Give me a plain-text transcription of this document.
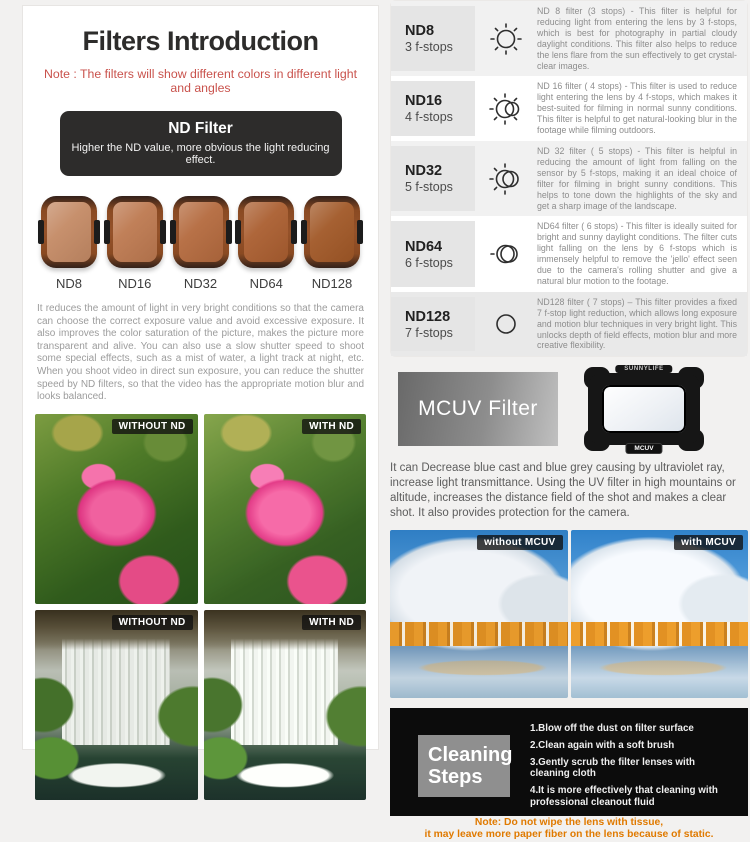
Filters Introduction

Note : The filters will show different colors in different light and angles

ND Filter
Higher the ND value, more obvious the light reducing effect.
ND8	ND16	ND32	ND64	ND128

It reduces the amount of light in very bright conditions so that the camera can choose the correct exposure value and avoid excessive exposure. It also improves the color saturation of the picture, makes the picture more transparent and alive. You can also use a slow shutter speed to shoot some special effects, such as a mist of water, a light track at night, etc. When you shoot video in direct sun exposure, you can reduce the shutter speed by ND filters, so that the video has the appropriate motion blur and looks balanced.

WITHOUT ND	WITH ND
WITHOUT ND	WITH ND
ND8
3 f-stops

ND 8 filter (3 stops) - This filter is helpful for reducing light from entering the lens by 3 f-stops, which is best for photography in partial cloudy daylight conditions. This filter also helps to reduce the lens flare from the sun effectively to get crystal-clear images.

ND16
4 f-stops

ND 16 filter ( 4 stops) - This filter is used to reduce light entering the lens by 4 f-stops, which makes it best-suited for filming in normal sunny conditions. This filter is helpful to get natural-looking blur in the footage while filming outdoors.

ND32
5 f-stops

ND 32 filter ( 5 stops) - This filter is helpful in reducing the amount of light from falling on the sensor by 5 f-stops, making it an ideal choice of filter for filming in bright sunny conditions. This helps to tone down the highlights of the sky and get a sharp image of the landscape.

ND64
6 f-stops

ND64 filter ( 6 stops) - This filter is ideally suited for bright and sunny daylight conditions. The filter cuts light falling on the lens by 6 f-stops which is immensely helpful to remove the 'jello' effect seen due to the camera's rolling shutter and give a natural blur motion to the footage.

ND128
7 f-stops

ND128 filter ( 7 stops) – This filter provides a fixed 7 f-stop light reduction, which allows long exposure and motion blur techniques in very bright light. This unlocks depth of field effects, motion blur and more creative flexibility.

MCUV Filter
SUNNYLIFE
MCUV

It can Decrease blue cast and blue grey causing by ultraviolet ray, increase light transmittance. Using the UV filter in high mountains or altitude, increases the distance field of the shot and makes a clear shot. It also provides protection for the camera.

without MCUV	with MCUV
Cleaning
Steps
1.Blow off the dust on filter surface
2.Clean again with a soft brush
3.Gently scrub the filter lenses with cleaning cloth
4.It is more effectively that cleaning with professional cleanout fluid
Note: Do not wipe the lens with tissue,
it may leave more paper fiber on the lens because of static.
